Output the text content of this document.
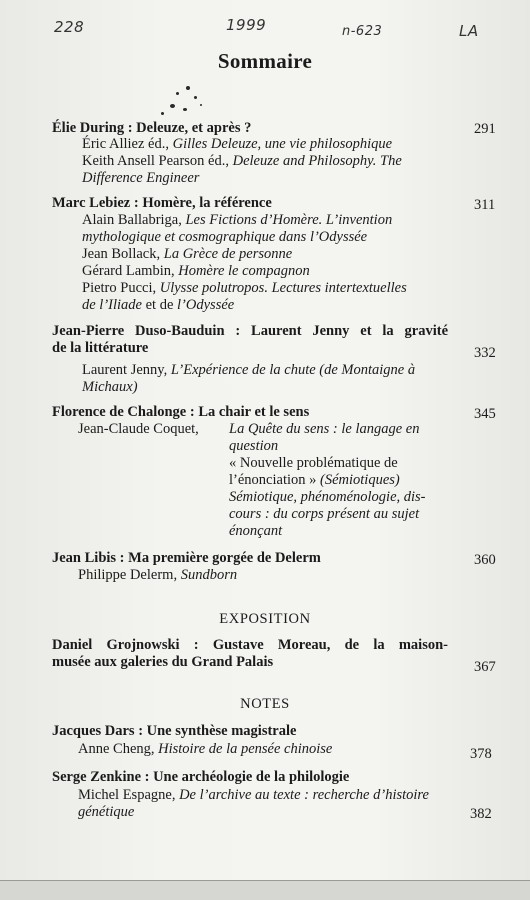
228	1999	n-623	LA
Sommaire
Élie During : Deleuze, et après ?	291
Éric Alliez éd., Gilles Deleuze, une vie philosophique
Keith Ansell Pearson éd., Deleuze and Philosophy. The
Difference Engineer
Marc Lebiez : Homère, la référence	311
Alain Ballabriga, Les Fictions d’Homère. L’invention
mythologique et cosmographique dans l’Odyssée
Jean Bollack, La Grèce de personne
Gérard Lambin, Homère le compagnon
Pietro Pucci, Ulysse polutropos. Lectures intertextuelles
de l’Iliade et de l’Odyssée
Jean-Pierre Duso-Bauduin : Laurent Jenny et la gravité
de la littérature	332
Laurent Jenny, L’Expérience de la chute (de Montaigne à
Michaux)
Florence de Chalonge : La chair et le sens	345
Jean-Claude Coquet, La Quête du sens : le langage en
question
« Nouvelle problématique de
l’énonciation » (Sémiotiques)
Sémiotique, phénoménologie, dis-
cours : du corps présent au sujet
énonçant
Jean Libis : Ma première gorgée de Delerm	360
Philippe Delerm, Sundborn
EXPOSITION
Daniel Grojnowski : Gustave Moreau, de la maison-
musée aux galeries du Grand Palais	367
NOTES
Jacques Dars : Une synthèse magistrale
Anne Cheng, Histoire de la pensée chinoise	378
Serge Zenkine : Une archéologie de la philologie
Michel Espagne, De l’archive au texte : recherche d’histoire
génétique	382
